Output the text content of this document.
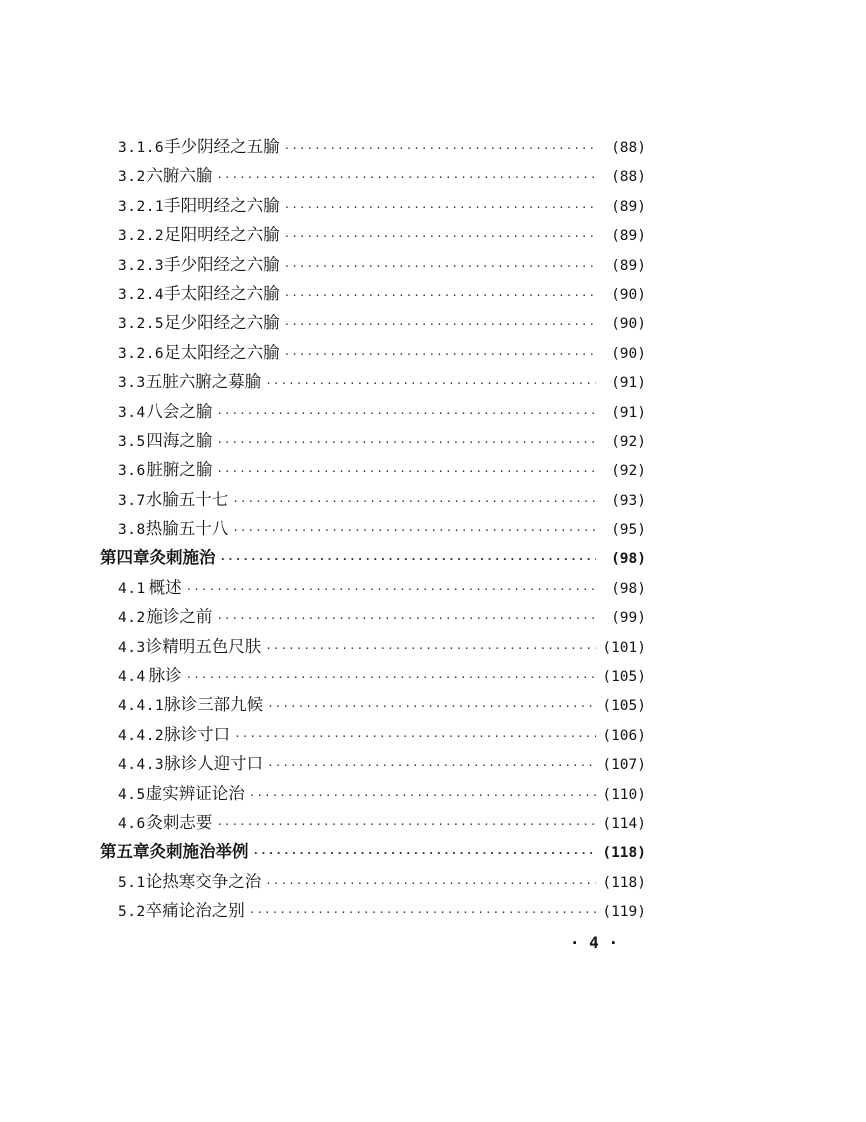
3.1.6 手少阴经之五腧 ·····	(88)
3.2 六腑六腧 ·····	(88)
3.2.1 手阳明经之六腧 ·····	(89)
3.2.2 足阳明经之六腧 ·····	(89)
3.2.3 手少阳经之六腧 ·····	(89)
3.2.4 手太阳经之六腧 ·····	(90)
3.2.5 足少阳经之六腧 ·····	(90)
3.2.6 足太阳经之六腧 ·····	(90)
3.3 五脏六腑之募腧 ·····	(91)
3.4 八会之腧 ·····	(91)
3.5 四海之腧 ·····	(92)
3.6 脏腑之腧 ·····	(92)
3.7 水腧五十七 ·····	(93)
3.8 热腧五十八 ·····	(95)
第四章 灸刺施治 ·····	(98)
4.1 概述 ·····	(98)
4.2 施诊之前 ·····	(99)
4.3 诊精明五色尺肤 ·····	(101)
4.4 脉诊 ·····	(105)
4.4.1 脉诊三部九候 ·····	(105)
4.4.2 脉诊寸口 ·····	(106)
4.4.3 脉诊人迎寸口 ·····	(107)
4.5 虚实辨证论治 ·····	(110)
4.6 灸刺志要 ·····	(114)
第五章 灸刺施治举例 ·····	(118)
5.1 论热寒交争之治 ·····	(118)
5.2 卒痛论治之别 ·····	(119)
· 4 ·
